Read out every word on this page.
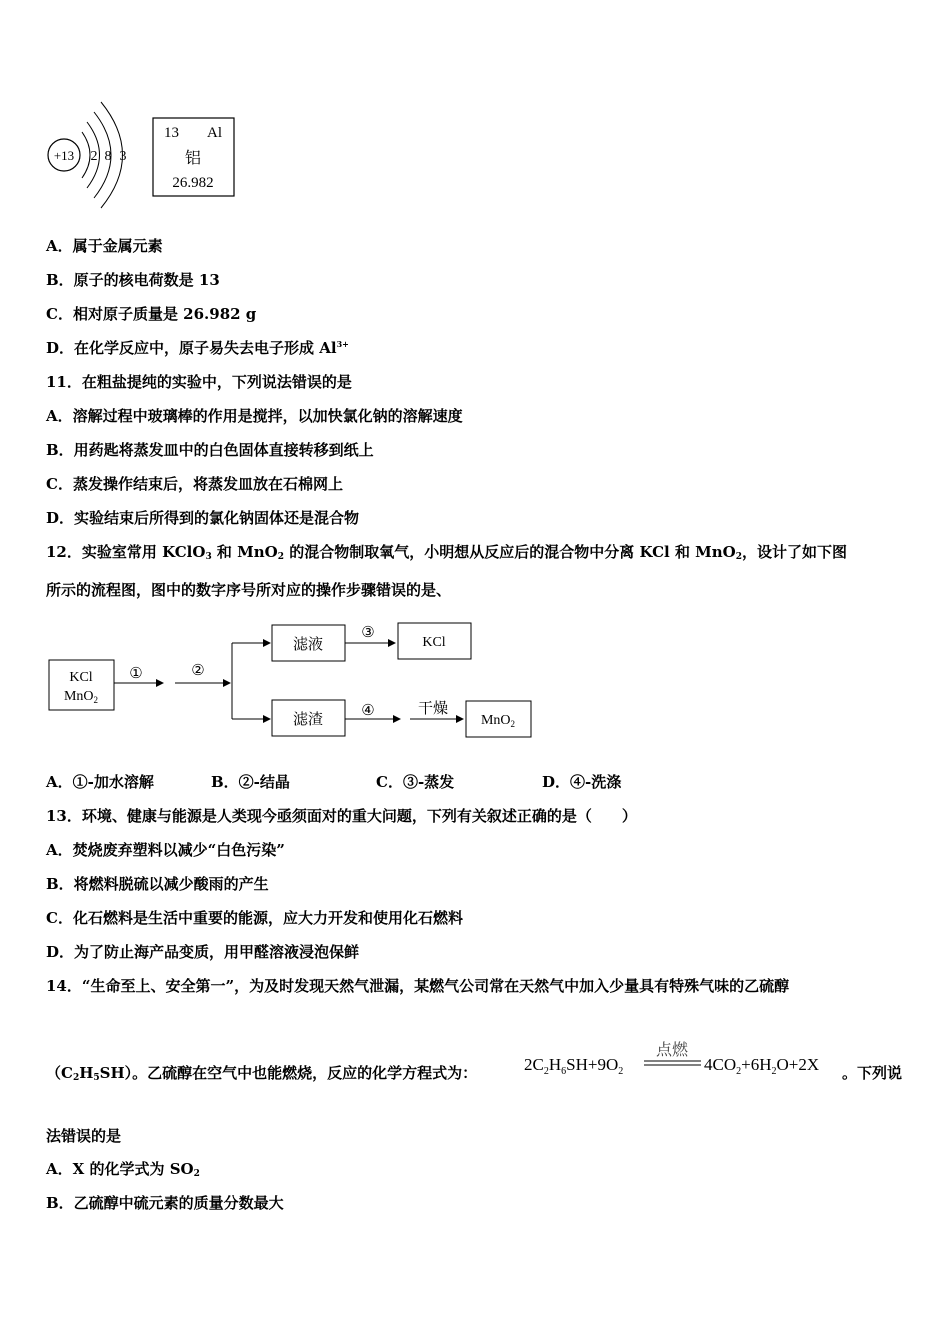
+13 2 8 3
13 Al
铝
26.982
A．属于金属元素
B．原子的核电荷数是 13
C．相对原子质量是 26.982 g
D．在化学反应中，原子易失去电子形成 $Al^{3+}$
11．在粗盐提纯的实验中，下列说法错误的是
A．溶解过程中玻璃棒的作用是搅拌，以加快氯化钠的溶解速度
B．用药匙将蒸发皿中的白色固体直接转移到纸上
C．蒸发操作结束后，将蒸发皿放在石棉网上
D．实验结束后所得到的氯化钠固体还是混合物
12．实验室常用 KClO$_3$ 和 MnO$_2$ 的混合物制取氧气，小明想从反应后的混合物中分离 KCl 和 MnO$_2$，设计了如下图
所示的流程图，图中的数字序号所对应的操作步骤错误的是、
KCl
MnO$_2$
①	②
滤液
③
KCl
滤渣	④	干燥
MnO$_2$
A．①-加水溶解	B．②-结晶	C．③-蒸发	D．④-洗涤
13．环境、健康与能源是人类现今亟须面对的重大问题，下列有关叙述正确的是（　　）
A．焚烧废弃塑料以减少“白色污染”
B．将燃料脱硫以减少酸雨的产生
C．化石燃料是生活中重要的能源，应大力开发和使用化石燃料
D．为了防止海产品变质，用甲醛溶液浸泡保鲜
14．“生命至上、安全第一”，为及时发现天然气泄漏，某燃气公司常在天然气中加入少量具有特殊气味的乙硫醇
$(C_2H_5SH)$。乙硫醇在空气中也能燃烧，反应的化学方程式为：	$2C_2H_6SH+9O_2$
点燃
$4CO_2+6H_2O+2X$ 。下列说
法错误的是
A．X 的化学式为 $SO_2$
B．乙硫醇中硫元素的质量分数最大
